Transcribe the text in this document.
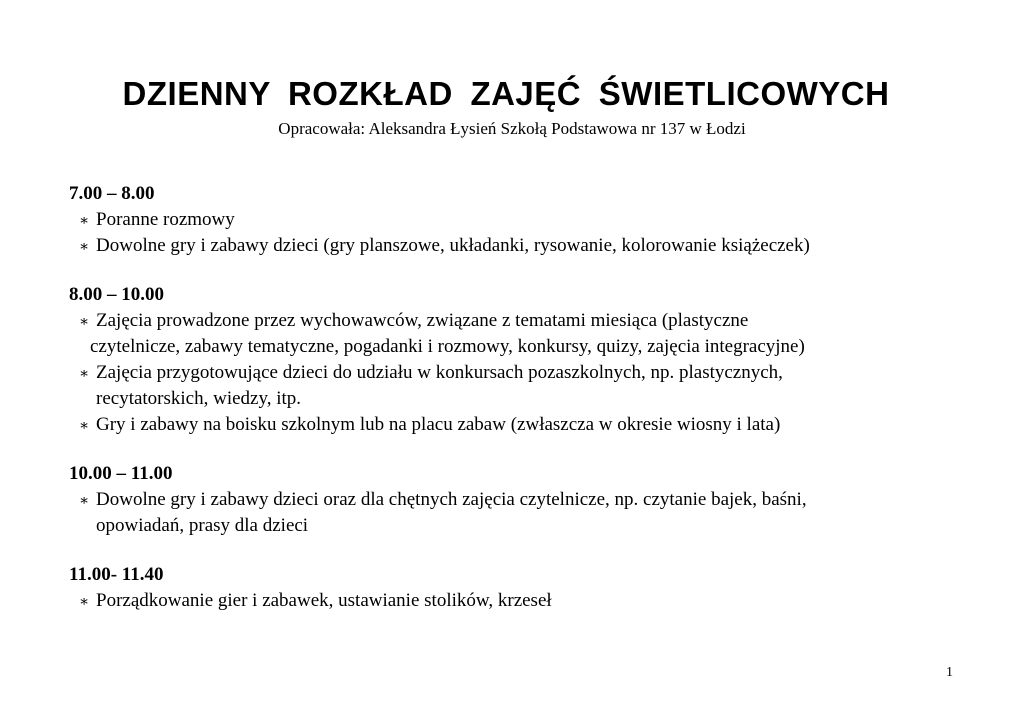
DZIENNY ROZKŁAD ZAJĘĆ ŚWIETLICOWYCH

Opracowała: Aleksandra Łysień Szkołą Podstawowa nr 137 w Łodzi

7.00 – 8.00

∗ Poranne rozmowy
∗ Dowolne gry i zabawy dzieci (gry planszowe, układanki, rysowanie, kolorowanie książeczek)

8.00 – 10.00

∗ Zajęcia prowadzone przez wychowawców, związane z tematami miesiąca (plastyczne
czytelnicze, zabawy tematyczne, pogadanki i rozmowy, konkursy, quizy, zajęcia integracyjne)
∗ Zajęcia przygotowujące dzieci do udziału w konkursach pozaszkolnych, np. plastycznych,
recytatorskich, wiedzy, itp.
∗ Gry i zabawy na boisku szkolnym lub na placu zabaw (zwłaszcza w okresie wiosny i lata)

10.00 – 11.00

∗ Dowolne gry i zabawy dzieci oraz dla chętnych zajęcia czytelnicze, np. czytanie bajek, baśni,
opowiadań, prasy dla dzieci

11.00- 11.40

∗ Porządkowanie gier i zabawek, ustawianie stolików, krzeseł
1
